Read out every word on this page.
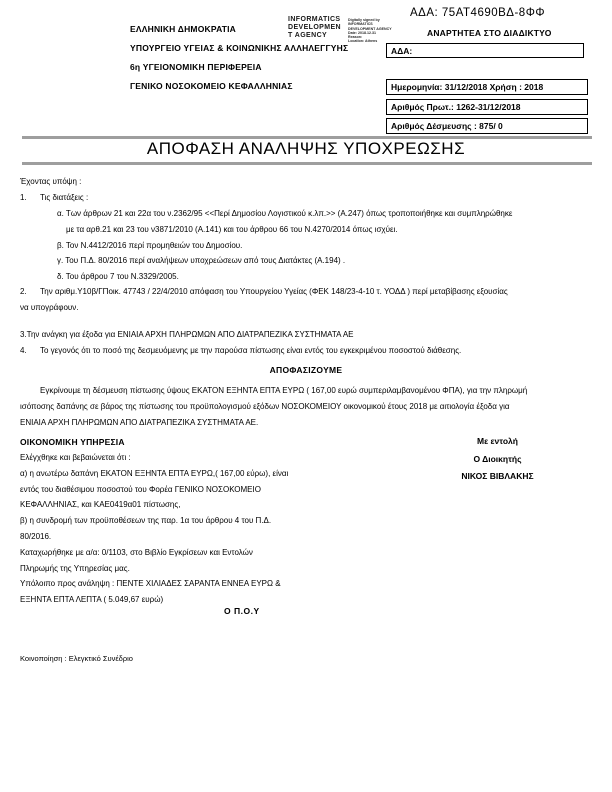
ΑΔΑ: 75ΑΤ4690ΒΔ-8ΦΦ
ΑΝΑΡΤΗΤΕΑ ΣΤΟ ΔΙΑΔΙΚΤΥΟ
ΕΛΛΗΝΙΚΗ ΔΗΜΟΚΡΑΤΙΑ
ΥΠΟΥΡΓΕΙΟ ΥΓΕΙΑΣ & ΚΟΙΝΩΝΙΚΗΣ ΑΛΛΗΛΕΓΓΥΗΣ
6η ΥΓΕΙΟΝΟΜΙΚΗ ΠΕΡΙΦΕΡΕΙΑ
ΓΕΝΙΚΟ ΝΟΣΟΚΟΜΕΙΟ ΚΕΦΑΛΛΗΝΙΑΣ
INFORMATICS
DEVELOPMEN
T AGENCY
Digitally signed by
INFORMATICS
DEVELOPMENT AGENCY
Date: 2018.12.31
Reason:
Location: Athens
ΑΔΑ:
Ημερομηνία: 31/12/2018 Χρήση : 2018
Αριθμός Πρωτ.: 1262-31/12/2018
Αριθμός Δέσμευσης : 875/ 0
ΑΠΟΦΑΣΗ ΑΝΑΛΗΨΗΣ ΥΠΟΧΡΕΩΣΗΣ
Έχοντας υπόψη :
1. Τις διατάξεις :
α. Των άρθρων 21 και 22α του ν.2362/95 <<Περί Δημοσίου Λογιστικού κ.λπ.>> (Α.247) όπως τροποποιήθηκε και συμπληρώθηκε
με τα αρθ.21 και 23 του ν3871/2010 (Α.141) και του άρθρου 66 του Ν.4270/2014 όπως ισχύει.
β. Τον Ν.4412/2016 περί προμηθειών του Δημοσίου.
γ. Του Π.Δ. 80/2016 περί αναλήψεων υποχρεώσεων από τους Διατάκτες (Α.194) .
δ. Του άρθρου 7 του Ν.3329/2005.
2. Την αριθμ.Υ10β/ΓΠοικ. 47743 / 22/4/2010 απόφαση του Υπουργείου Υγείας (ΦΕΚ 148/23-4-10 τ. ΥΟΔΔ ) περί μεταβίβασης εξουσίας
να υπογράφουν.
3.Την ανάγκη για έξοδα για ΕΝΙΑΙΑ ΑΡΧΗ ΠΛΗΡΩΜΩΝ ΑΠΟ ΔΙΑΤΡΑΠΕΖΙΚΑ ΣΥΣΤΗΜΑΤΑ ΑΕ
4. Το γεγονός ότι το ποσό της δεσμευόμενης με την παρούσα πίστωσης είναι εντός του εγκεκριμένου ποσοστού διάθεσης.
ΑΠΟΦΑΣΙΖΟΥΜΕ
Εγκρίνουμε τη δέσμευση πίστωσης ύψους ΕΚΑΤΟΝ ΕΞΗΝΤΑ ΕΠΤΑ ΕΥΡΩ ( 167,00 ευρώ συμπεριλαμβανομένου ΦΠΑ), για την πληρωμή
ισόποσης δαπάνης σε βάρος της πίστωσης του προϋπολογισμού εξόδων ΝΟΣΟΚΟΜΕΙΟΥ οικονομικού έτους 2018 με αιτιολογία έξοδα για
ΕΝΙΑΙΑ ΑΡΧΗ ΠΛΗΡΩΜΩΝ ΑΠΟ ΔΙΑΤΡΑΠΕΖΙΚΑ ΣΥΣΤΗΜΑΤΑ ΑΕ.
ΟΙΚΟΝΟΜΙΚΗ ΥΠΗΡΕΣΙΑ
Ελέγχθηκε και βεβαιώνεται ότι :
α) η ανωτέρω δαπάνη ΕΚΑΤΟΝ ΕΞΗΝΤΑ ΕΠΤΑ ΕΥΡΩ,( 167,00 εύρω), είναι
εντός του διαθέσιμου ποσοστού του Φορέα ΓΕΝΙΚΟ ΝΟΣΟΚΟΜΕΙΟ
ΚΕΦΑΛΛΗΝΙΑΣ, και ΚΑΕ0419α01 πίστωσης,
β) η συνδρομή των προϋποθέσεων της παρ. 1α του άρθρου 4 του Π.Δ.
80/2016.
Καταχωρήθηκε με α/α: 0/1103, στο Βιβλίο Εγκρίσεων και Εντολών
Πληρωμής της Υπηρεσίας μας.
Υπόλοιπο προς ανάληψη : ΠΕΝΤΕ ΧΙΛΙΑΔΕΣ ΣΑΡΑΝΤΑ ΕΝΝΕΑ ΕΥΡΩ &
ΕΞΗΝΤΑ ΕΠΤΑ ΛΕΠΤΑ ( 5.049,67 ευρώ)
Με εντολή
Ο Διοικητής
ΝΙΚΟΣ ΒΙΒΛΑΚΗΣ
Ο Π.Ο.Υ
Κοινοποίηση : Ελεγκτικό Συνέδριο
